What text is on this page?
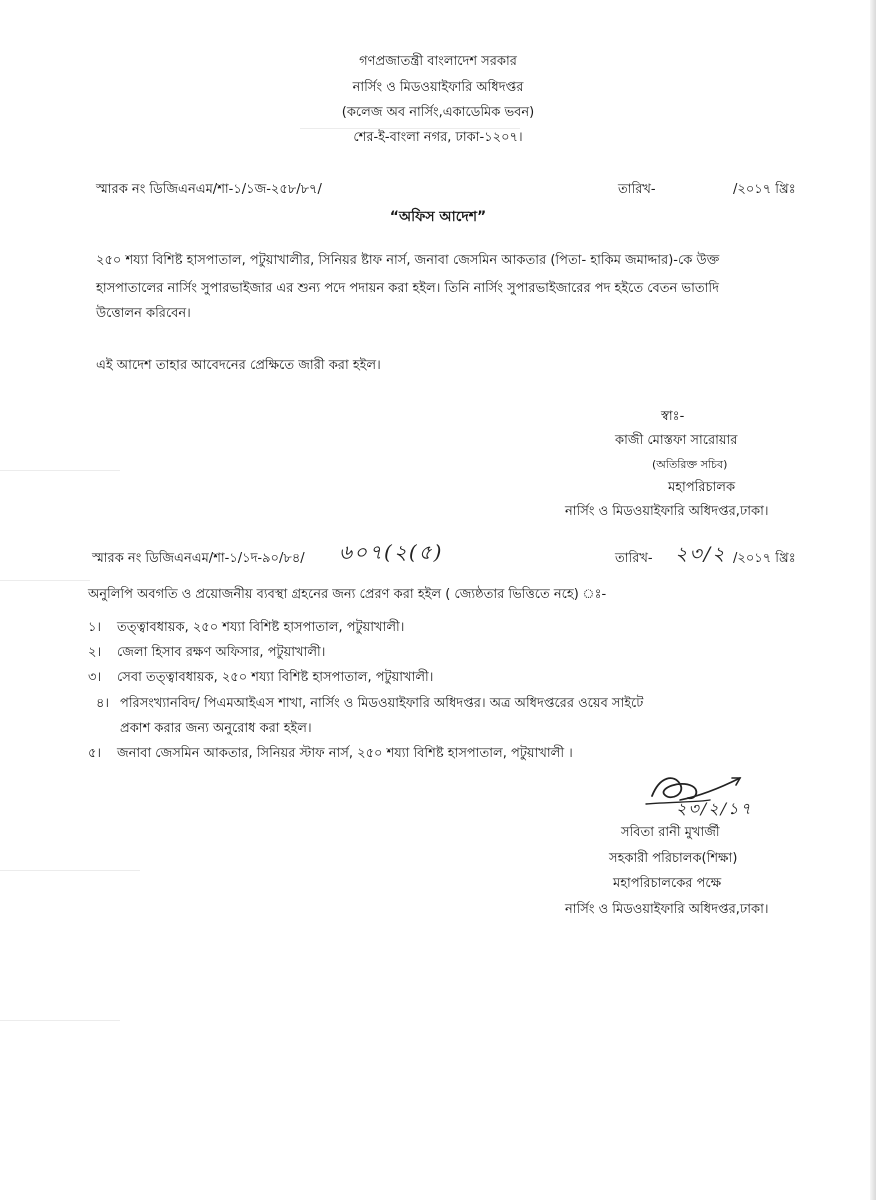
গণপ্রজাতন্ত্রী বাংলাদেশ সরকার
নার্সিং ও মিডওয়াইফারি অধিদপ্তর
(কলেজ অব নার্সিং,একাডেমিক ভবন)
শের-ই-বাংলা নগর, ঢাকা-১২০৭।
স্মারক নং ডিজিএনএম/শা-১/১জ-২৫৮/৮৭/	তারিখ-	/২০১৭ খ্রিঃ
“অফিস আদেশ”
২৫০ শয্যা বিশিষ্ট হাসপাতাল, পটুয়াখালীর, সিনিয়র ষ্টাফ নার্স, জনাবা জেসমিন আকতার (পিতা- হাকিম জমাদ্দার)-কে উক্ত
হাসপাতালের নার্সিং সুপারভাইজার এর শুন্য পদে পদায়ন করা হইল। তিনি নার্সিং সুপারভাইজারের পদ হইতে বেতন ভাতাদি
উত্তোলন করিবেন।
এই আদেশ তাহার আবেদনের প্রেক্ষিতে জারী করা হইল।
স্বাঃ-
কাজী মোস্তফা সারোয়ার
(অতিরিক্ত সচিব)
মহাপরিচালক
নার্সিং ও মিডওয়াইফারি অধিদপ্তর,ঢাকা।
স্মারক নং ডিজিএনএম/শা-১/১দ-৯০/৮৪/ ৬০৭(২(৫)	তারিখ- ২৩/২ /২০১৭ খ্রিঃ
অনুলিপি অবগতি ও প্রয়োজনীয় ব্যবস্থা গ্রহনের জন্য প্রেরণ করা হইল ( জ্যেষ্ঠতার ভিত্তিতে নহে) ঃ-
১। তত্ত্বাবধায়ক, ২৫০ শয্যা বিশিষ্ট হাসপাতাল, পটুয়াখালী।
২। জেলা হিসাব রক্ষণ অফিসার, পটুয়াখালী।
৩। সেবা তত্ত্বাবধায়ক, ২৫০ শয্যা বিশিষ্ট হাসপাতাল, পটুয়াখালী।
৪। পরিসংখ্যানবিদ/ পিএমআইএস শাখা, নার্সিং ও মিডওয়াইফারি অধিদপ্তর। অত্র অধিদপ্তরের ওয়েব সাইটে
প্রকাশ করার জন্য অনুরোধ করা হইল।
৫। জনাবা জেসমিন আকতার, সিনিয়র স্টাফ নার্স, ২৫০ শয্যা বিশিষ্ট হাসপাতাল, পটুয়াখালী ।
২৩/২/১৭
সবিতা রানী মুখার্জী
সহকারী পরিচালক(শিক্ষা)
মহাপরিচালকের পক্ষে
নার্সিং ও মিডওয়াইফারি অধিদপ্তর,ঢাকা।
